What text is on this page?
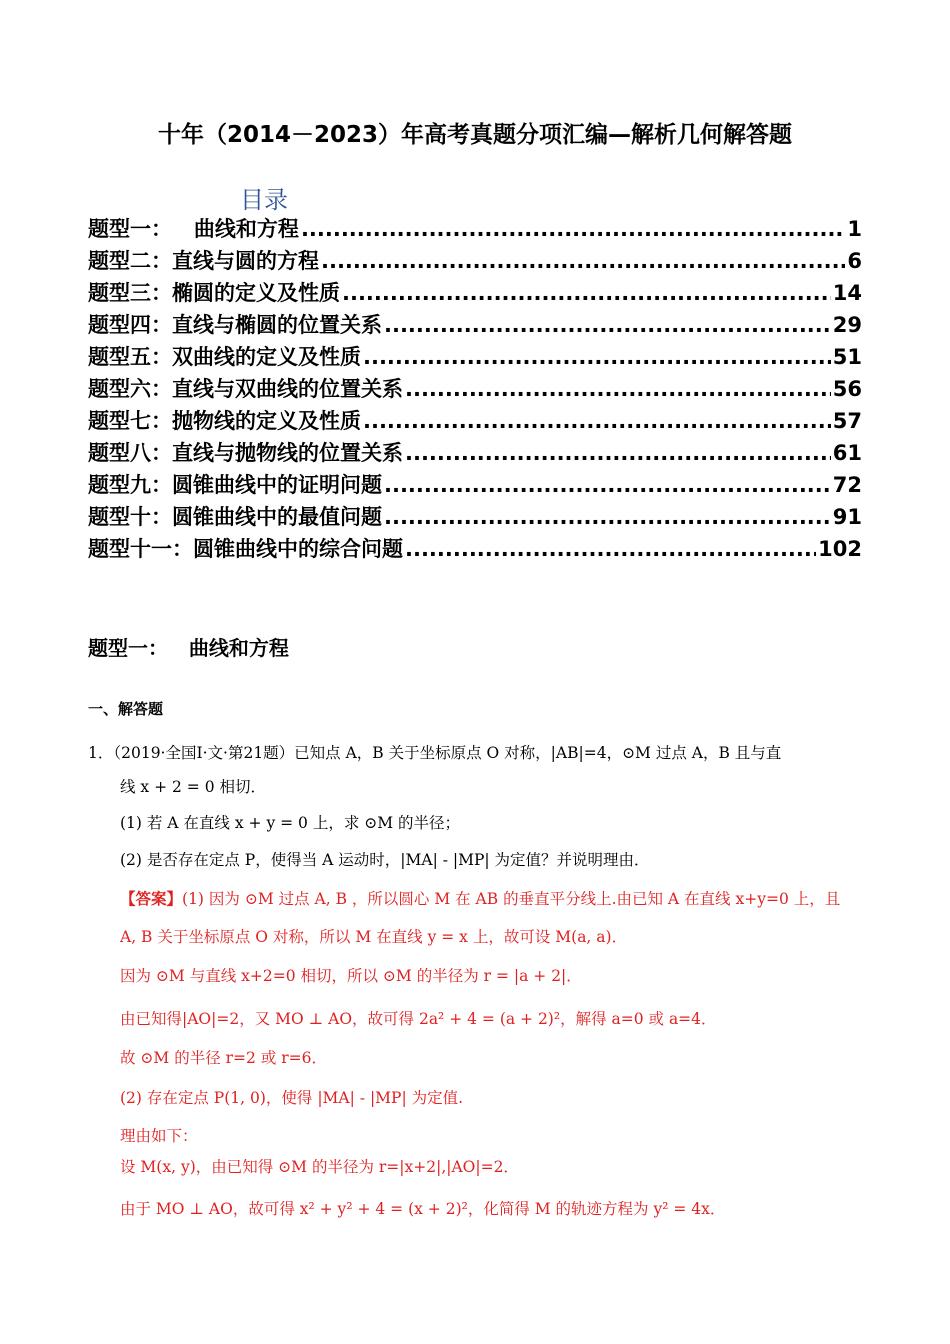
十年（2014－2023）年高考真题分项汇编—解析几何解答题
目录
题型一：   曲线和方程 .....	1
题型二：直线与圆的方程 .....	6
题型三：椭圆的定义及性质 .....	14
题型四：直线与椭圆的位置关系 .....	29
题型五：双曲线的定义及性质 .....	51
题型六：直线与双曲线的位置关系 .....	56
题型七：抛物线的定义及性质 .....	57
题型八：直线与抛物线的位置关系 .....	61
题型九：圆锥曲线中的证明问题 .....	72
题型十：圆锥曲线中的最值问题 .....	91
题型十一：圆锥曲线中的综合问题 .....	102
题型一：   曲线和方程
一、解答题
1．（2019·全国Ⅰ·文·第21题）已知点 A，B 关于坐标原点 O 对称，|AB|=4，⊙M 过点 A，B 且与直
线 x + 2 = 0 相切．
(1) 若 A 在直线 x + y = 0 上，求 ⊙M 的半径；
(2) 是否存在定点 P，使得当 A 运动时，|MA| - |MP| 为定值？并说明理由．
【答案】(1) 因为 ⊙M 过点 A, B ，所以圆心 M 在 AB 的垂直平分线上.由已知 A 在直线 x+y=0 上，且
A, B 关于坐标原点 O 对称，所以 M 在直线 y = x 上，故可设 M(a, a)．
因为 ⊙M 与直线 x+2=0 相切，所以 ⊙M 的半径为 r = |a + 2|．
由已知得|AO|=2，又 MO ⊥ AO，故可得 2a² + 4 = (a + 2)²，解得 a=0 或 a=4．
故 ⊙M 的半径 r=2 或 r=6．
(2) 存在定点 P(1, 0)，使得 |MA| - |MP| 为定值.
理由如下：
设 M(x, y)，由已知得 ⊙M 的半径为 r=|x+2|,|AO|=2．
由于 MO ⊥ AO，故可得 x² + y² + 4 = (x + 2)²，化简得 M 的轨迹方程为 y² = 4x．
